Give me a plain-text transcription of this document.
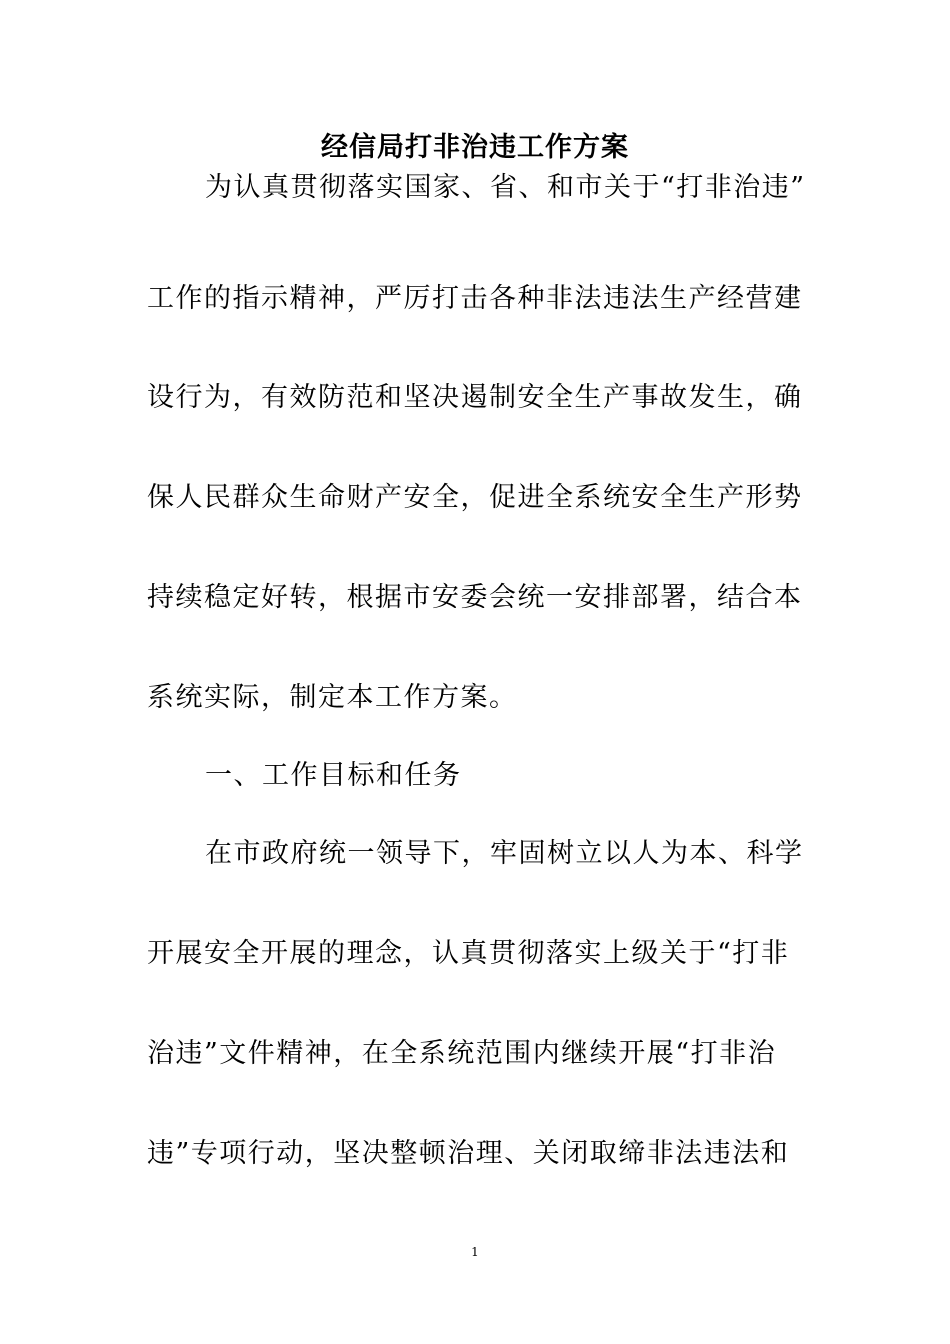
经信局打非治违工作方案
为认真贯彻落实国家、省、和市关于“打非治违”
工作的指示精神，严厉打击各种非法违法生产经营建
设行为，有效防范和坚决遏制安全生产事故发生，确
保人民群众生命财产安全，促进全系统安全生产形势
持续稳定好转，根据市安委会统一安排部署，结合本
系统实际，制定本工作方案。
一、工作目标和任务
在市政府统一领导下，牢固树立以人为本、科学
开展安全开展的理念，认真贯彻落实上级关于“打非
治违”文件精神，在全系统范围内继续开展“打非治
违”专项行动，坚决整顿治理、关闭取缔非法违法和
1
